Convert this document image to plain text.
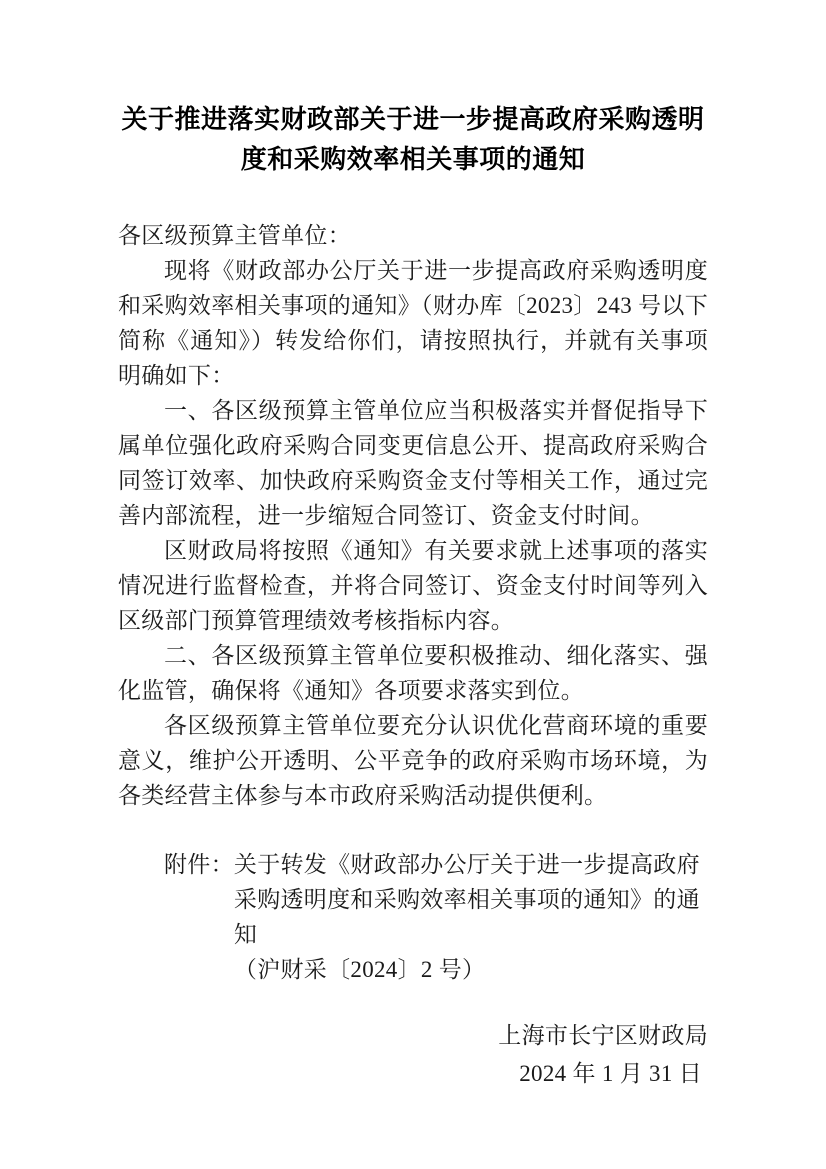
关于推进落实财政部关于进一步提高政府采购透明度和采购效率相关事项的通知
各区级预算主管单位：

现将《财政部办公厅关于进一步提高政府采购透明度和采购效率相关事项的通知》（财办库〔2023〕243 号以下简称《通知》）转发给你们，请按照执行，并就有关事项明确如下：

一、各区级预算主管单位应当积极落实并督促指导下属单位强化政府采购合同变更信息公开、提高政府采购合同签订效率、加快政府采购资金支付等相关工作，通过完善内部流程，进一步缩短合同签订、资金支付时间。

区财政局将按照《通知》有关要求就上述事项的落实情况进行监督检查，并将合同签订、资金支付时间等列入区级部门预算管理绩效考核指标内容。

二、各区级预算主管单位要积极推动、细化落实、强化监管，确保将《通知》各项要求落实到位。

各区级预算主管单位要充分认识优化营商环境的重要意义，维护公开透明、公平竞争的政府采购市场环境，为各类经营主体参与本市政府采购活动提供便利。

附件： 关于转发《财政部办公厅关于进一步提高政府采购透明度和采购效率相关事项的通知》的通知
（沪财采〔2024〕2 号）
上海市长宁区财政局
2024 年 1 月 31 日
